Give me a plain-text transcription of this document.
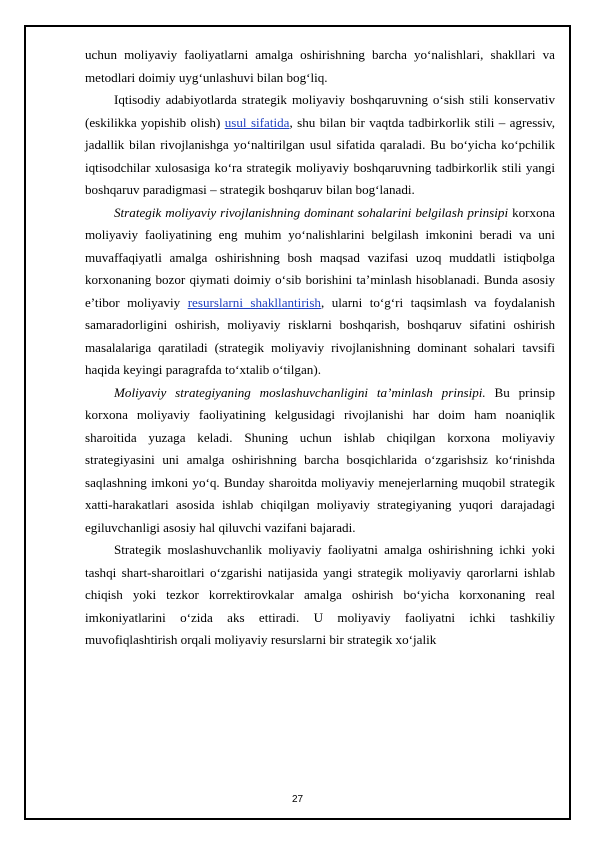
uchun moliyaviy faoliyatlarni amalga oshirishning barcha yo‘nalishlari, shakllari va metodlari doimiy uyg‘unlashuvi bilan bog‘liq.

Iqtisodiy adabiyotlarda strategik moliyaviy boshqaruvning o‘sish stili konservativ (eskilikka yopishib olish) usul sifatida, shu bilan bir vaqtda tadbirkorlik stili – agressiv, jadallik bilan rivojlanishga yo‘naltirilgan usul sifatida qaraladi. Bu bo‘yicha ko‘pchilik iqtisodchilar xulosasiga ko‘ra strategik moliyaviy boshqaruvning tadbirkorlik stili yangi boshqaruv paradigmasi – strategik boshqaruv bilan bog‘lanadi.

Strategik moliyaviy rivojlanishning dominant sohalarini belgilash prinsipi korxona moliyaviy faoliyatining eng muhim yo‘nalishlarini belgilash imkonini beradi va uni muvaffaqiyatli amalga oshirishning bosh maqsad vazifasi uzoq muddatli istiqbolga korxonaning bozor qiymati doimiy o‘sib borishini ta’minlash hisoblanadi. Bunda asosiy e’tibor moliyaviy resurslarni shakllantirish, ularni to‘g‘ri taqsimlash va foydalanish samaradorligini oshirish, moliyaviy risklarni boshqarish, boshqaruv sifatini oshirish masalalariga qaratiladi (strategik moliyaviy rivojlanishning dominant sohalari tavsifi haqida keyingi paragrafda to‘xtalib o‘tilgan).

Moliyaviy strategiyaning moslashuvchanligini ta’minlash prinsipi. Bu prinsip korxona moliyaviy faoliyatining kelgusidagi rivojlanishi har doim ham noaniqlik sharoitida yuzaga keladi. Shuning uchun ishlab chiqilgan korxona moliyaviy strategiyasini uni amalga oshirishning barcha bosqichlarida o‘zgarishsiz ko‘rinishda saqlashning imkoni yo‘q. Bunday sharoitda moliyaviy menejerlarning muqobil strategik xatti-harakatlari asosida ishlab chiqilgan moliyaviy strategiyaning yuqori darajadagi egiluvchanligi asosiy hal qiluvchi vazifani bajaradi.

Strategik moslashuvchanlik moliyaviy faoliyatni amalga oshirishning ichki yoki tashqi shart-sharoitlari o‘zgarishi natijasida yangi strategik moliyaviy qarorlarni ishlab chiqish yoki tezkor korrektirovkalar amalga oshirish bo‘yicha korxonaning real imkoniyatlarini o‘zida aks ettiradi. U moliyaviy faoliyatni ichki tashkiliy muvofiqlashtirish orqali moliyaviy resurslarni bir strategik xo‘jalik

27
